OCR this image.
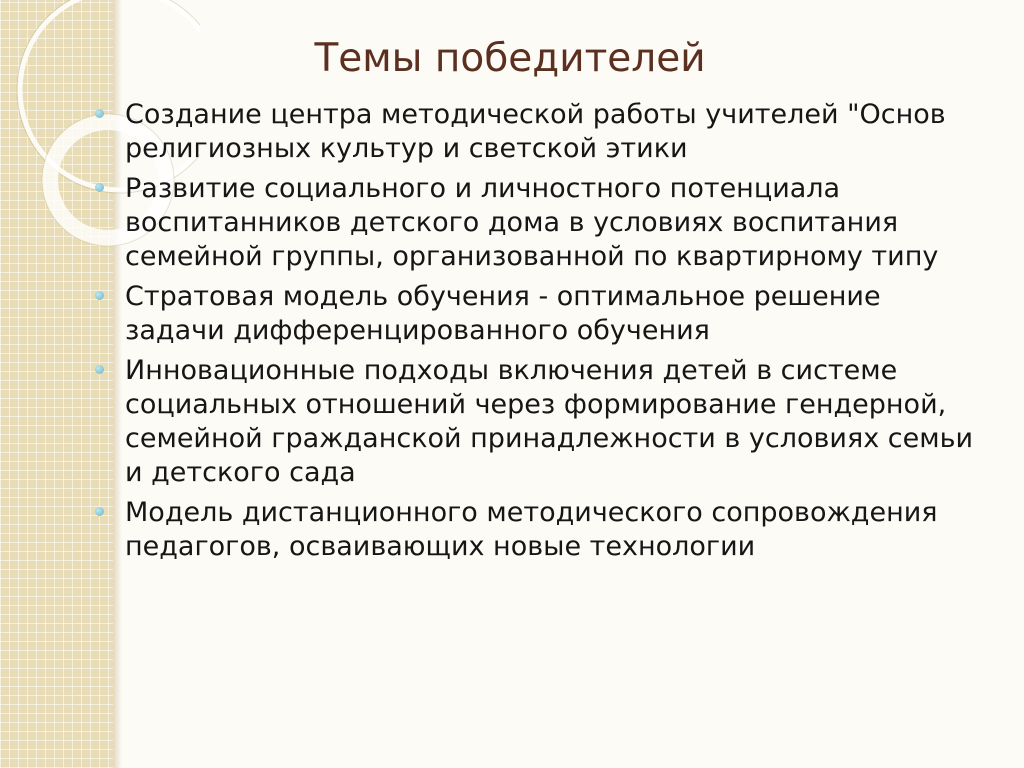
Темы победителей
Создание центра методической работы учителей "Основ религиозных культур и светской этики
Развитие социального и личностного потенциала воспитанников детского дома в условиях воспитания семейной группы, организованной по квартирному типу
Стратовая модель обучения - оптимальное решение задачи дифференцированного обучения
Инновационные подходы включения детей в системе социальных отношений через формирование гендерной, семейной гражданской принадлежности в условиях семьи и детского сада
Модель дистанционного методического сопровождения педагогов, осваивающих новые технологии
